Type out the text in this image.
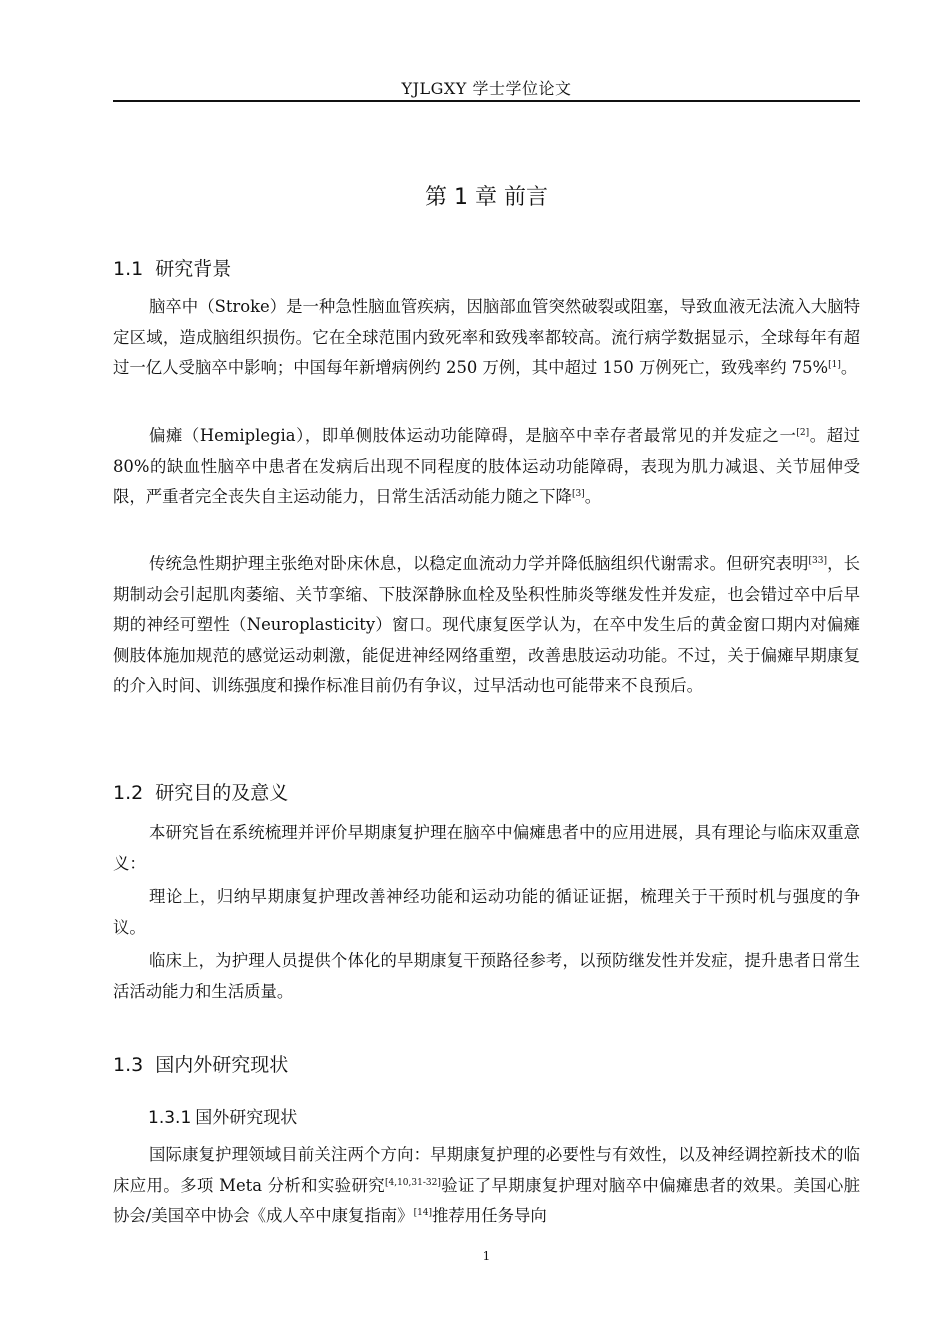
YJLGXY 学士学位论文
第 1 章 前言
1.1 研究背景

脑卒中（Stroke）是一种急性脑血管疾病，因脑部血管突然破裂或阻塞，导致血液无法流入大脑特定区域，造成脑组织损伤。它在全球范围内致死率和致残率都较高。流行病学数据显示，全球每年有超过一亿人受脑卒中影响；中国每年新增病例约 250 万例，其中超过 150 万例死亡，致残率约 75%[1]。

偏瘫（Hemiplegia），即单侧肢体运动功能障碍，是脑卒中幸存者最常见的并发症之一[2]。超过 80%的缺血性脑卒中患者在发病后出现不同程度的肢体运动功能障碍，表现为肌力减退、关节屈伸受限，严重者完全丧失自主运动能力，日常生活活动能力随之下降[3]。

传统急性期护理主张绝对卧床休息，以稳定血流动力学并降低脑组织代谢需求。但研究表明[33]，长期制动会引起肌肉萎缩、关节挛缩、下肢深静脉血栓及坠积性肺炎等继发性并发症，也会错过卒中后早期的神经可塑性（Neuroplasticity）窗口。现代康复医学认为，在卒中发生后的黄金窗口期内对偏瘫侧肢体施加规范的感觉运动刺激，能促进神经网络重塑，改善患肢运动功能。不过，关于偏瘫早期康复的介入时间、训练强度和操作标准目前仍有争议，过早活动也可能带来不良预后。

1.2 研究目的及意义

本研究旨在系统梳理并评价早期康复护理在脑卒中偏瘫患者中的应用进展，具有理论与临床双重意义：

理论上，归纳早期康复护理改善神经功能和运动功能的循证证据，梳理关于干预时机与强度的争议。

临床上，为护理人员提供个体化的早期康复干预路径参考，以预防继发性并发症，提升患者日常生活活动能力和生活质量。

1.3 国内外研究现状
1.3.1 国外研究现状

国际康复护理领域目前关注两个方向：早期康复护理的必要性与有效性，以及神经调控新技术的临床应用。多项 Meta 分析和实验研究[4,10,31-32]验证了早期康复护理对脑卒中偏瘫患者的效果。美国心脏协会/美国卒中协会《成人卒中康复指南》[14]推荐用任务导向

1
